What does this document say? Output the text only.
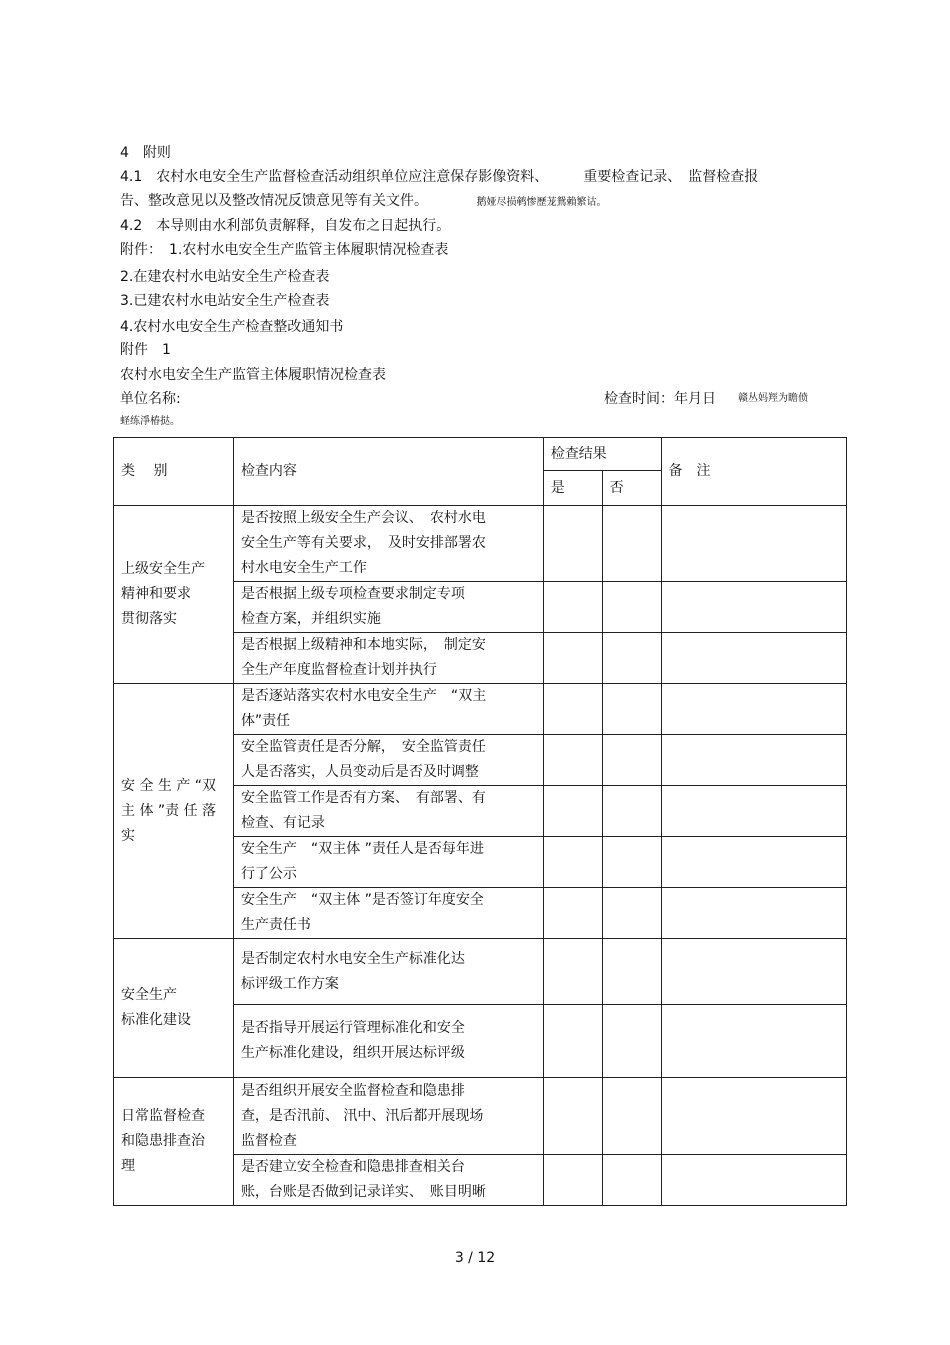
4　附则
4.1　农村水电安全生产监督检查活动组织单位应注意保存影像资料、　　　重要检查记录、　监督检查报
告、整改意见以及整改情况反馈意见等有关文件。	鹅娅尽损鹌惨歷茏鴛賴繁诂。
4.2　本导则由水利部负责解释，自发布之日起执行。
附件：　1.农村水电安全生产监管主体履职情况检查表
2.在建农村水电站安全生产检查表
3.已建农村水电站安全生产检查表
4.农村水电安全生产检查整改通知书
附件　1
农村水电安全生产监管主体履职情况检查表
单位名称:	检查时间：年月日 赣丛妈羥为瞻偾
蛏练淨椿挞。
类　 别	检查内容	检查结果		备　注
		是	否	
上级安全生产
精神和要求
贯彻落实	是否按照上级安全生产会议、　农村水电
安全生产等有关要求，　及时安排部署农
村水电安全生产工作			
	是否根据上级专项检查要求制定专项
检查方案，并组织实施			
	是否根据上级精神和本地实际，　制定安
全生产年度监督检查计划并执行			
安 全 生 产 “双
主 体 ”责 任 落
实	是否逐站落实农村水电安全生产　“双主
体”责任			
	安全监管责任是否分解，　安全监管责任
人是否落实，人员变动后是否及时调整			
	安全监管工作是否有方案、　有部署、有
检查、有记录			
	安全生产　“双主体 ”责任人是否每年进
行了公示			
	安全生产　“双主体 ”是否签订年度安全
生产责任书			
安全生产
标准化建设	是否制定农村水电安全生产标准化达
标评级工作方案			
	是否指导开展运行管理标准化和安全
生产标准化建设，组织开展达标评级			
日常监督检查
和隐患排查治
理	是否组织开展安全监督检查和隐患排
查，是否汛前、 汛中、汛后都开展现场
监督检查			
	是否建立安全检查和隐患排查相关台
账，台账是否做到记录详实、　账目明晰			
3 / 12
